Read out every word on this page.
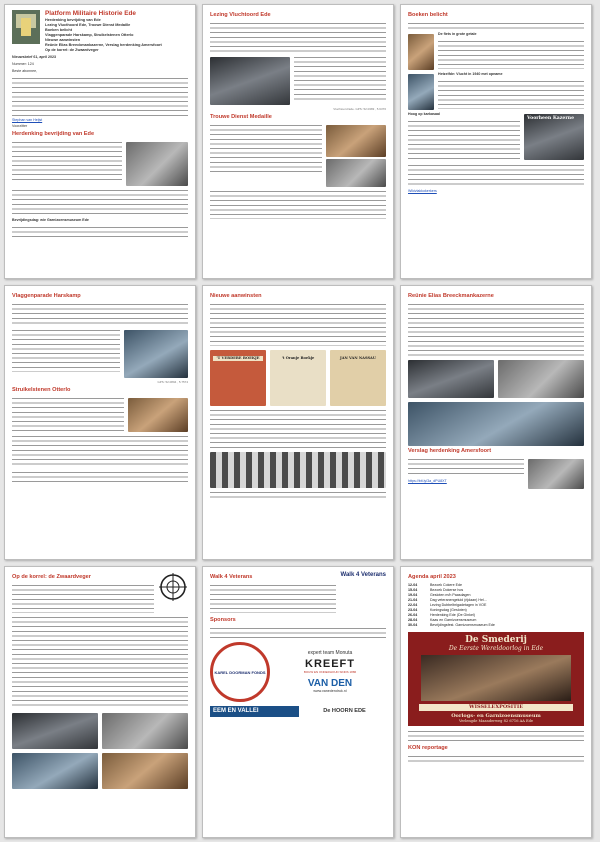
Platform Militaire Historie Ede
Herdenking bevrijding van Ede
Lezing Vlucthoord Ede, Troowe Dienst Medaille
Boeken belicht
Vlaggenparade Harskamp, Struikelstenen Otterlo
Nieuwe aanwinsten
Reünie Elias Breeckmankazerne, Verslag herdenking Amersfoort
Op de korrel: de Zwaardveger
Nieuwsbrief 61, april 2023
Nummer: 124
Beste abonnee,
Stephan van Heijst
Voorzitter
Herdenking bevrijding van Ede
Bevrijdingsdag: wie Garnizoensmuseum Ede
Lezing Vluchtoord Ede
Vluchtoord Ede. GPS: 52.0383 , 5.6376
Trouwe Dienst Medaille
Boeken belicht
De fiets in grote getale
Hetzelfde: Vlucht in 1940 met opname
Hoog op karkasaal
Voorheen Kazerne
Wikivlakkokerkers
Vlaggenparade Harskamp
GPS: 52.0894 , 5.7574
Struikelstenen Otterlo
Nieuwe aanwinsten
'T VERDERE BOEKJE	't Oranje Boekje	JAN VAN NASSAU
Reünie Elias Breeckmankazerne
Verslag herdenking Amersfoort
https://bit.ly/3a_dPU8XT
Op de korrel: de Zwaardveger	Walk 4 Veterans	Walk 4 Veterans
Sponsors
KAREL DOORMAN FONDS
expert team Monuta
KREEFT
BOUW EN ONDERHOUD SINDS 1886
VAN DEN
www.vanedendruk.nl
EEM EN VALLEI	De HOORN EDE
Agenda april 2023
12-04	Bezoek Cokere Ede
15-04	Bezoek Dokerse hos
19-04	Gesloten m/h Paasdagen
21-04	Dag veteranengeluid (rijdaan) Hel...
22-04	Lezing Dubbelbrigadetagen in VOE
23-04	Koningsdag (Gesloten)
26-04	Herdenking Ede (De Ginkel)
28-04	Kaas en Garnizoensmuseum
30-04	Bevrijdingsfest. Garnizoensmuseum Ede
De Smederij
De Eerste Wereldoorlog in Ede
WISSELEXPOSITIE
Oorlogs- en Garnizoensmuseum
Verlengde Maanderweg 82 6716 AA Ede
KON reportage
